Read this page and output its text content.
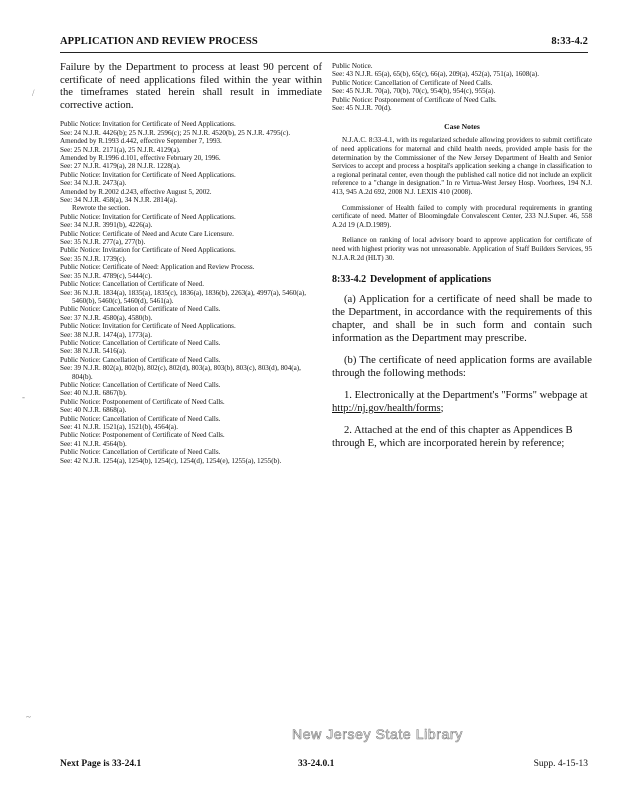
APPLICATION AND REVIEW PROCESS	8:33-4.2

Failure by the Department to process at least 90 percent of certificate of need applications filed within the year within the timeframes stated herein shall result in immediate corrective action.

Public Notice: Invitation for Certificate of Need Applications.
See: 24 N.J.R. 4426(b); 25 N.J.R. 2596(c); 25 N.J.R. 4520(b), 25 N.J.R. 4795(c).
Amended by R.1993 d.442, effective September 7, 1993.
See: 25 N.J.R. 2171(a), 25 N.J.R. 4129(a).
Amended by R.1996 d.101, effective February 20, 1996.
See: 27 N.J.R. 4179(a), 28 N.J.R. 1228(a).
Public Notice: Invitation for Certificate of Need Applications.
See: 34 N.J.R. 2473(a).
Amended by R.2002 d.243, effective August 5, 2002.
See: 34 N.J.R. 458(a), 34 N.J.R. 2814(a).
Rewrote the section.
Public Notice: Invitation for Certificate of Need Applications.
See: 34 N.J.R. 3991(b), 4226(a).
Public Notice: Certificate of Need and Acute Care Licensure.
See: 35 N.J.R. 277(a), 277(b).
Public Notice: Invitation for Certificate of Need Applications.
See: 35 N.J.R. 1739(c).
Public Notice: Certificate of Need: Application and Review Process.
See: 35 N.J.R. 4789(c), 5444(c).
Public Notice: Cancellation of Certificate of Need.
See: 36 N.J.R. 1834(a), 1835(a), 1835(c), 1836(a), 1836(b), 2263(a), 4997(a), 5460(a), 5460(b), 5460(c), 5460(d), 5461(a).
Public Notice: Cancellation of Certificate of Need Calls.
See: 37 N.J.R. 4580(a), 4580(b).
Public Notice: Invitation for Certificate of Need Applications.
See: 38 N.J.R. 1474(a), 1773(a).
Public Notice: Cancellation of Certificate of Need Calls.
See: 38 N.J.R. 5416(a).
Public Notice: Cancellation of Certificate of Need Calls.
See: 39 N.J.R. 802(a), 802(b), 802(c), 802(d), 803(a), 803(b), 803(c), 803(d), 804(a), 804(b).
Public Notice: Cancellation of Certificate of Need Calls.
See: 40 N.J.R. 6867(b).
Public Notice: Postponement of Certificate of Need Calls.
See: 40 N.J.R. 6868(a).
Public Notice: Cancellation of Certificate of Need Calls.
See: 41 N.J.R. 1521(a), 1521(b), 4564(a).
Public Notice: Postponement of Certificate of Need Calls.
See: 41 N.J.R. 4564(b).
Public Notice: Cancellation of Certificate of Need Calls.
See: 42 N.J.R. 1254(a), 1254(b), 1254(c), 1254(d), 1254(e), 1255(a), 1255(b).
Public Notice.
See: 43 N.J.R. 65(a), 65(b), 65(c), 66(a), 209(a), 452(a), 751(a), 1608(a).
Public Notice: Cancellation of Certificate of Need Calls.
See: 45 N.J.R. 70(a), 70(b), 70(c), 954(b), 954(c), 955(a).
Public Notice: Postponement of Certificate of Need Calls.
See: 45 N.J.R. 70(d).
Case Notes

N.J.A.C. 8:33-4.1, with its regularized schedule allowing providers to submit certificate of need applications for maternal and child health needs, provided ample basis for the determination by the Commissioner of the New Jersey Department of Health and Senior Services to accept and process a hospital's application seeking a change in classification to a regional perinatal center, even though the published call notice did not include an explicit reference to a "change in designation." In re Virtua-West Jersey Hosp. Voorhees, 194 N.J. 413, 945 A.2d 692, 2008 N.J. LEXIS 410 (2008).

Commissioner of Health failed to comply with procedural requirements in granting certificate of need. Matter of Bloomingdale Convalescent Center, 233 N.J.Super. 46, 558 A.2d 19 (A.D.1989).

Reliance on ranking of local advisory board to approve application for certificate of need with highest priority was not unreasonable. Application of Staff Builders Services, 95 N.J.A.R.2d (HLT) 30.

8:33-4.2 Development of applications

(a) Application for a certificate of need shall be made to the Department, in accordance with the requirements of this chapter, and shall be in such form and contain such information as the Department may prescribe.

(b) The certificate of need application forms are available through the following methods:

1. Electronically at the Department's "Forms" webpage at http://nj.gov/health/forms;

2. Attached at the end of this chapter as Appendices B through E, which are incorporated herein by reference;

/
-
~
New Jersey State Library
Next Page is 33-24.1	33-24.0.1	Supp. 4-15-13
